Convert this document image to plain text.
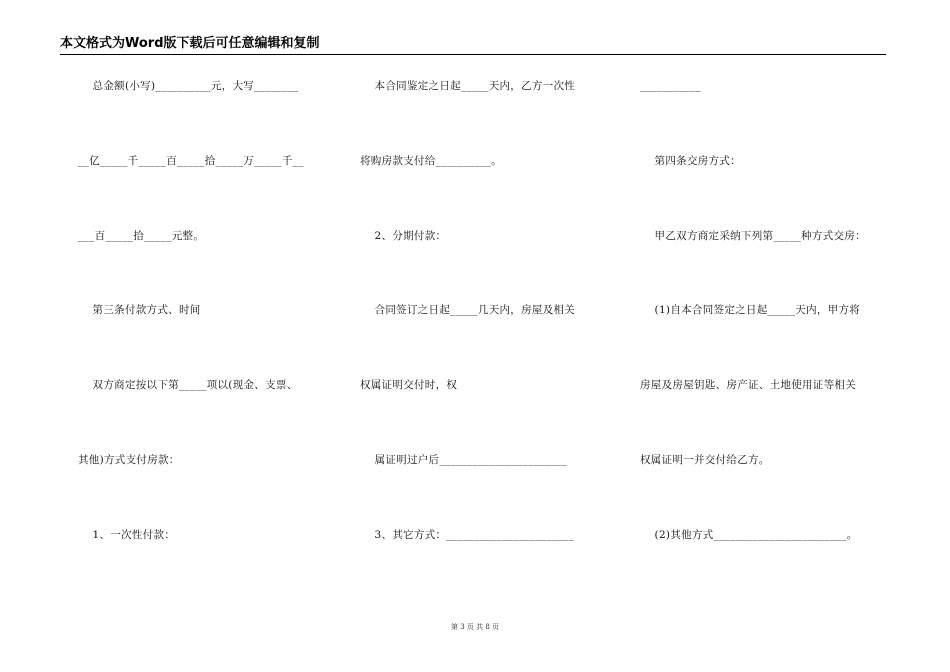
本文格式为Word版下载后可任意编辑和复制
总金额(小写)__________元，大写________
__亿_____千_____百_____拾_____万_____千__
___百_____拾_____元整。
第三条付款方式、时间
双方商定按以下第_____项以(现金、支票、
其他)方式支付房款：
1、一次性付款：
本合同鉴定之日起_____天内，乙方一次性
将购房款支付给__________。
2、分期付款：
合同签订之日起_____几天内，房屋及相关
权属证明交付时，权
属证明过户后_______________________
3、其它方式：_______________________
___________
第四条交房方式：
甲乙双方商定采纳下列第_____种方式交房：
(1)自本合同签定之日起_____天内，甲方将
房屋及房屋钥匙、房产证、土地使用证等相关
权属证明一并交付给乙方。
(2)其他方式________________________。
第 3 页 共 8 页
